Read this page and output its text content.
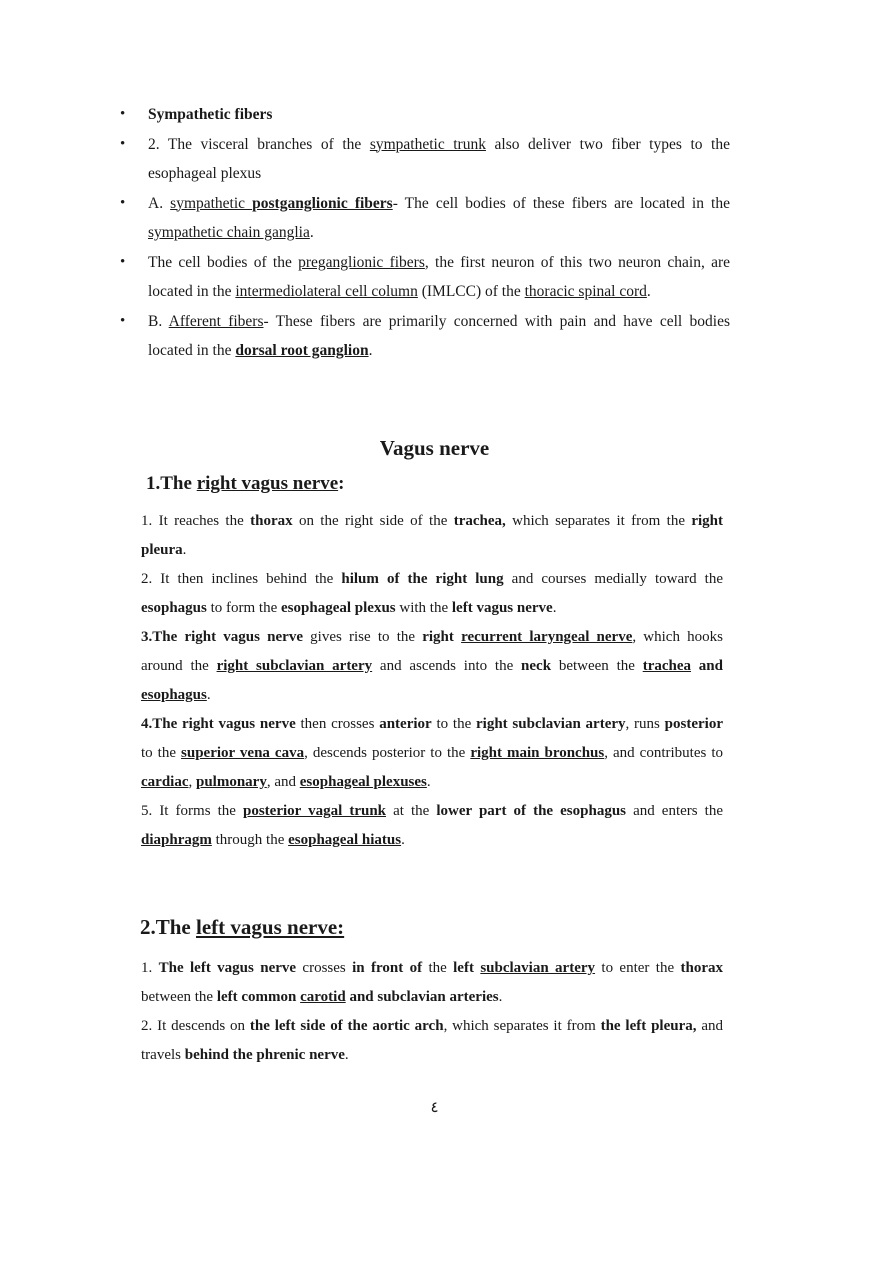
• Sympathetic fibers
• 2. The visceral branches of the sympathetic trunk also deliver two fiber types to the esophageal plexus
• A. sympathetic postganglionic fibers- The cell bodies of these fibers are located in the sympathetic chain ganglia.
• The cell bodies of the preganglionic fibers, the first neuron of this two neuron chain, are located in the intermediolateral cell column (IMLCC) of the thoracic spinal cord.
• B. Afferent fibers- These fibers are primarily concerned with pain and have cell bodies located in the dorsal root ganglion.
Vagus nerve
1.The right vagus nerve:

1. It reaches the thorax on the right side of the trachea, which separates it from the right pleura.

2. It then inclines behind the hilum of the right lung and courses medially toward the esophagus to form the esophageal plexus with the left vagus nerve.

3.The right vagus nerve gives rise to the right recurrent laryngeal nerve, which hooks around the right subclavian artery and ascends into the neck between the trachea and esophagus.

4.The right vagus nerve then crosses anterior to the right subclavian artery, runs posterior to the superior vena cava, descends posterior to the right main bronchus, and contributes to cardiac, pulmonary, and esophageal plexuses.

5. It forms the posterior vagal trunk at the lower part of the esophagus and enters the diaphragm through the esophageal hiatus.

2.The left vagus nerve:

1. The left vagus nerve crosses in front of the left subclavian artery to enter the thorax between the left common carotid and subclavian arteries.

2. It descends on the left side of the aortic arch, which separates it from the left pleura, and travels behind the phrenic nerve.

٤
